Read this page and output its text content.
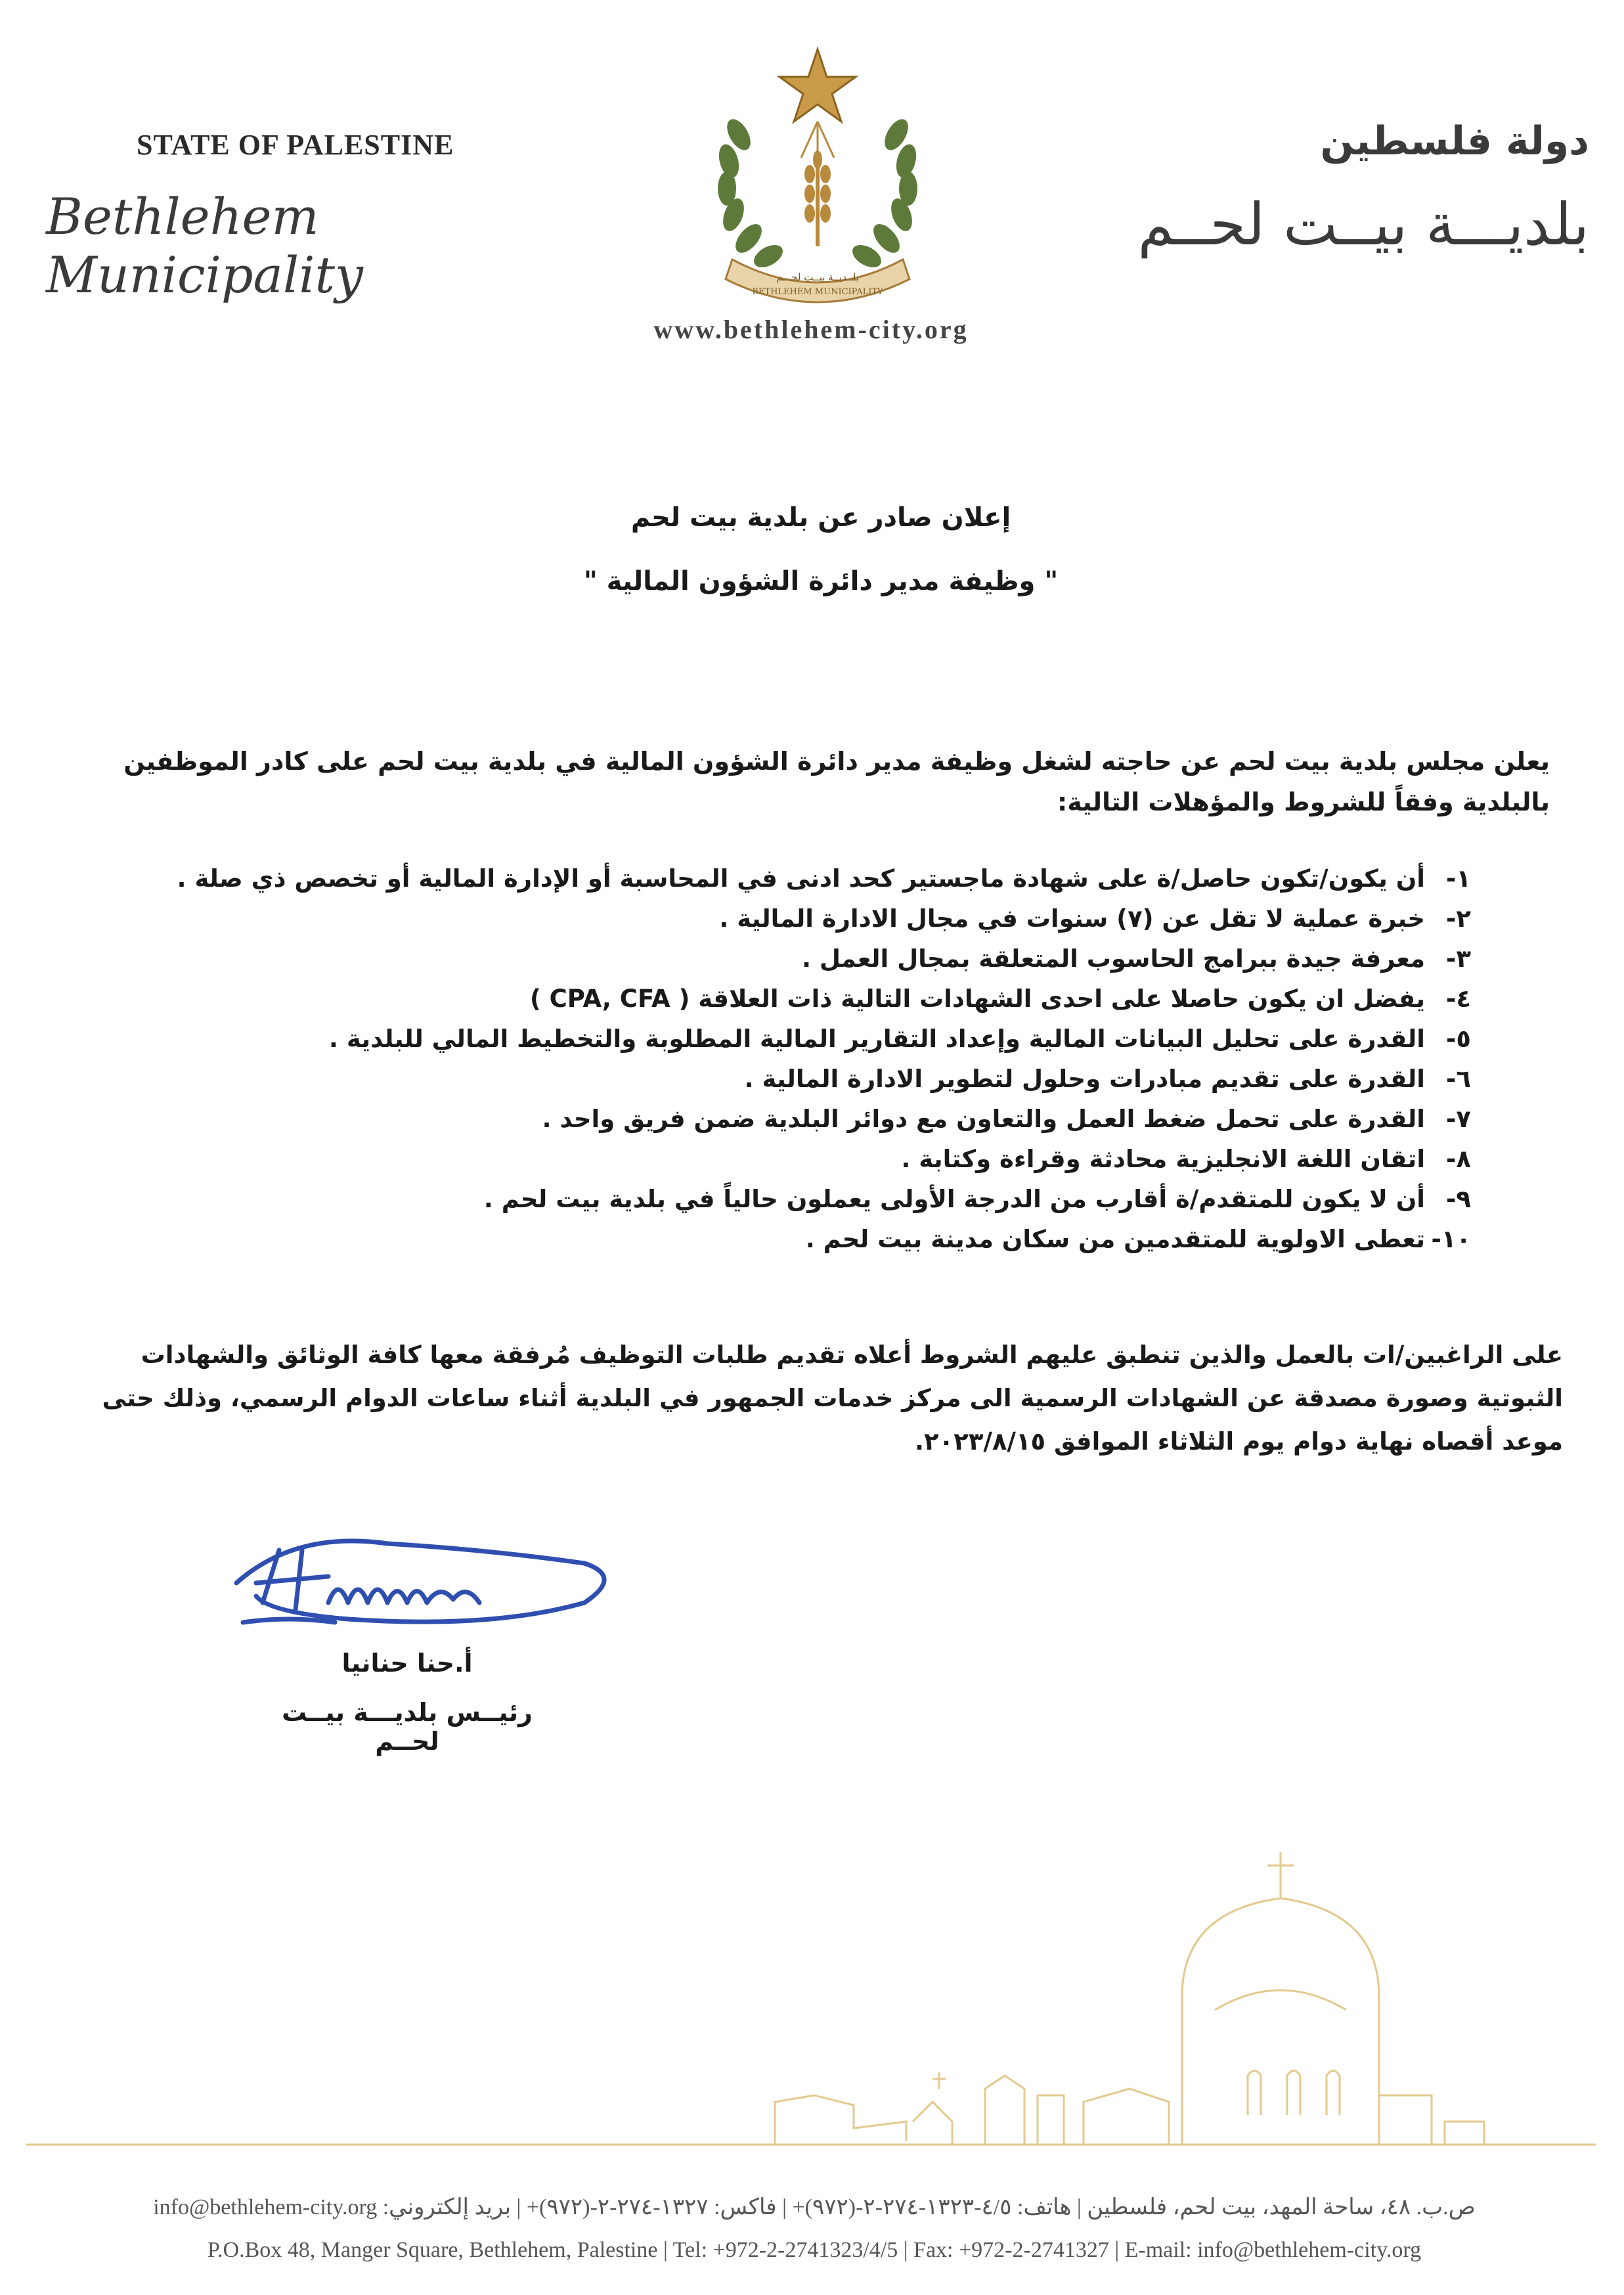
STATE OF PALESTINE
Bethlehem Municipality
دولة فلسطين
بلديـــة بيــت لحــم
بلــديــة بيــت لحـــم
BETHLEHEM MUNICIPALITY
www.bethlehem-city.org
إعلان صادر عن بلدية بيت لحم
" وظيفة مدير دائرة الشؤون المالية "
يعلن مجلس بلدية بيت لحم عن حاجته لشغل وظيفة مدير دائرة الشؤون المالية في بلدية بيت لحم على كادر الموظفين بالبلدية وفقاً للشروط والمؤهلات التالية:
١-أن يكون/تكون حاصل/ة على شهادة ماجستير كحد ادنى في المحاسبة أو الإدارة المالية أو تخصص ذي صلة .
٢-خبرة عملية لا تقل عن (٧) سنوات في مجال الادارة المالية .
٣-معرفة جيدة ببرامج الحاسوب المتعلقة بمجال العمل .
٤-يفضل ان يكون حاصلا على احدى الشهادات التالية ذات العلاقة ( CPA, CFA )
٥-القدرة على تحليل البيانات المالية وإعداد التقارير المالية المطلوبة والتخطيط المالي للبلدية .
٦-القدرة على تقديم مبادرات وحلول لتطوير الادارة المالية .
٧-القدرة على تحمل ضغط العمل والتعاون مع دوائر البلدية ضمن فريق واحد .
٨-اتقان اللغة الانجليزية محادثة وقراءة وكتابة .
٩-أن لا يكون للمتقدم/ة أقارب من الدرجة الأولى يعملون حالياً في بلدية بيت لحم .
١٠-تعطى الاولوية للمتقدمين من سكان مدينة بيت لحم .
على الراغبين/ات بالعمل والذين تنطبق عليهم الشروط أعلاه تقديم طلبات التوظيف مُرفقة معها كافة الوثائق والشهادات الثبوتية وصورة مصدقة عن الشهادات الرسمية الى مركز خدمات الجمهور في البلدية أثناء ساعات الدوام الرسمي، وذلك حتى موعد أقصاه نهاية دوام يوم الثلاثاء الموافق ٢٠٢٣/٨/١٥.
أ.حنا حنانيا
رئيــس بلديـــة بيــت لحــم
info@bethlehem-city.org :ص.ب. ٤٨، ساحة المهد، بيت لحم، فلسطين | هاتف: ٤/٥-١٣٢٣-٢٧٤-٢-(٩٧٢)+ | فاكس: ١٣٢٧-٢٧٤-٢-(٩٧٢)+ | بريد إلكتروني
P.O.Box 48, Manger Square, Bethlehem, Palestine | Tel: +972-2-2741323/4/5 | Fax: +972-2-2741327 | E-mail: info@bethlehem-city.org
